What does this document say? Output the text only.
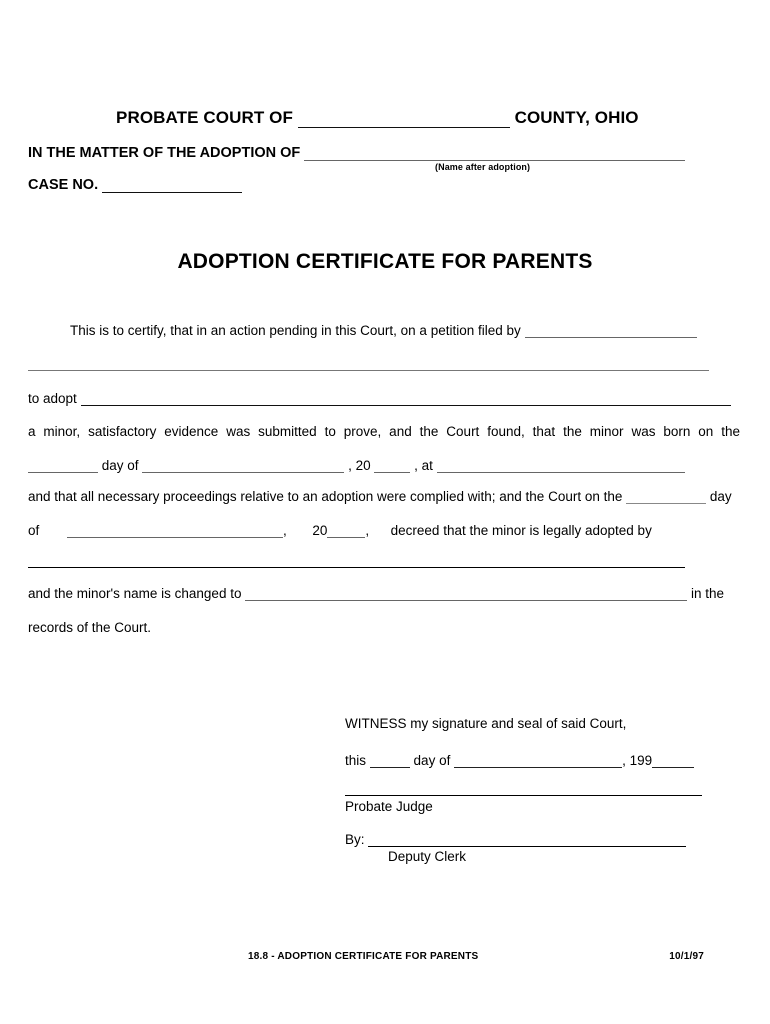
PROBATE COURT OF	COUNTY, OHIO
IN THE MATTER OF THE ADOPTION OF
(Name after adoption)
CASE NO.
ADOPTION CERTIFICATE FOR PARENTS
This is to certify, that in an action pending in this Court, on a petition filed by
to adopt
a minor, satisfactory evidence was submitted to prove, and the Court found, that the minor was born on the
day of	, 20	, at
and that all necessary proceedings relative to an adoption were complied with; and the Court on the	day
of	, 20	, decreed that the minor is legally adopted by
and the minor's name is changed to	in the
records of the Court.
WITNESS my signature and seal of said Court,
this	day of	, 199
Probate Judge
By:
Deputy Clerk
18.8 - ADOPTION CERTIFICATE FOR PARENTS	10/1/97
